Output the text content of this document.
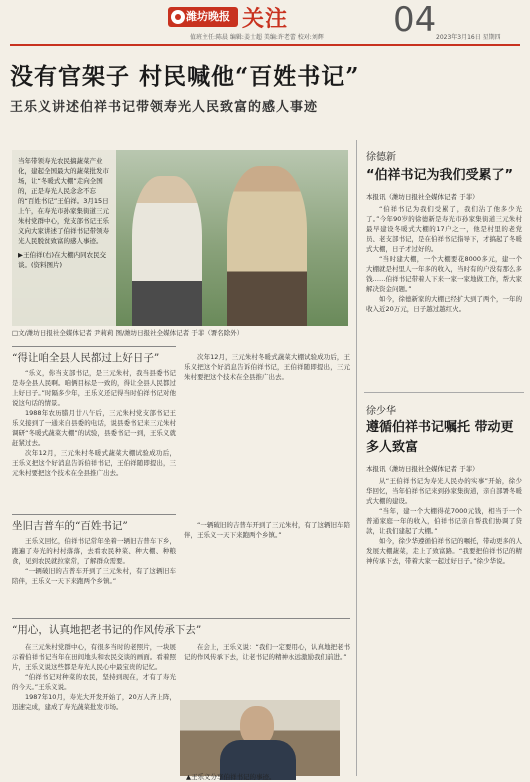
潍坊晚报 关注	04
值班主任:陈晨 编辑:姜士超 美编:许老蕾 校对:刘辉	2023年3月16日 星期四
没有官架子 村民喊他“百姓书记”
王乐义讲述伯祥书记带领寿光人民致富的感人事迹

当年带领寿光农民搞蔬菜产业化，建起全国最大的蔬菜批发市场，让“冬暖式大棚”走向全国的，正是寿光人民念念不忘的“百姓书记”王伯祥。3月15日上午，在寿光市孙家集街道三元朱村党群中心，党支部书记王乐义向大家讲述了伯祥书记带领寿光人民脱贫致富的感人事迹。

▶王伯祥(右)在大棚内同农民交谈。(资料图片)

□文/潍坊日报社全媒体记者 尹莉莉 图/潍坊日报社全媒体记者 于菲（署名除外）
“得让咱全县人民都过上好日子”

“乐义，你当支部书记，是三元朱村，我当县委书记是寿全县人民啊。咱俩目标是一致的，得让全县人民都过上好日子。”时隔多少年，王乐义还记得当时伯祥书记对他说这句话的情景。

1988年农历腊月廿八午后，三元朱村党支部书记王乐义接到了一通来自县委的电话，说县委书记来三元朱村调研“冬暖式蔬菜大棚”的试验，县委书记一到，王乐义就赶紧过去。

次年12月，三元朱村冬暖式蔬菜大棚试验成功后，王乐义把这个好消息告诉伯祥书记，王伯祥随即提出，三元朱村要把这个技术在全县推广出去。

次年12月，三元朱村冬暖式蔬菜大棚试验成功后，王乐义把这个好消息告诉伯祥书记，王伯祥随即提出，三元朱村要把这个技术在全县推广出去。

坐旧吉普车的“百姓书记”

王乐义回忆，伯祥书记常年坐着一辆旧吉普车下乡，跑遍了寿光的村村落落，去看农民种菜、种大棚、种粮食，见到农民就拉家常，了解群众需要。

“一辆破旧的吉普车开到了三元朱村，有了这辆旧车陪伴，王乐义一天下来跑两个乡镇。”

“一辆破旧的吉普车开到了三元朱村，有了这辆旧车陪伴，王乐义一天下来跑两个乡镇。”

“用心，认真地把老书记的作风传承下去”

在三元朱村党群中心，有很多当时的老照片，一块展示着伯祥书记当年在田间地头和农民交谈的画面。看着照片，王乐义说这些都是寿光人民心中最宝贵的记忆。

“伯祥书记对种菜的农民，坚持到现在，才有了寿光的今天。”王乐义说。

1987年10月，寿光大开发开始了，20万人齐上阵，迅速完成，建成了寿光蔬菜批发市场。

在会上，王乐义说：“我们一定要用心，认真地把老书记的作风传承下去，让老书记的精神永远激励我们前进。”

▲王乐义分享伯祥书记的事迹。
徐德新
“伯祥书记为我们受累了”
本报讯（潍坊日报社全媒体记者 于菲）

“伯祥书记为我们受累了，我们沾了他多少光了。”今年90岁的徐德新是寿光市孙家集街道三元朱村最早建设冬暖式大棚的17户之一，他是村里的老党员、老支部书记，是在伯祥书记指导下，才搞起了冬暖式大棚，日子才过好的。

“当时建大棚，一个大棚要花8000多元，建一个大棚就是村里人一年多的收入，当时有的户没有那么多钱……伯祥书记带着人下来一家一家地做工作，帮大家解决资金问题。”

如今，徐德新家的大棚已经扩大到了两个，一年的收入近20万元，日子越过越红火。

徐少华
遵循伯祥书记嘱托 带动更多人致富
本报讯（潍坊日报社全媒体记者 于菲）

从“王伯祥书记为寿光人民办的实事”开始，徐少华回忆，当年伯祥书记来到孙家集街道，亲自部署冬暖式大棚的建设。

“当年，建一个大棚得花7000元钱，相当于一个普通家庭一年的收入，伯祥书记亲自帮我们协调了贷款，让我们建起了大棚。”

如今，徐少华遵循伯祥书记的嘱托，带动更多的人发展大棚蔬菜，走上了致富路。“我要把伯祥书记的精神传承下去，带着大家一起过好日子。”徐少华说。
